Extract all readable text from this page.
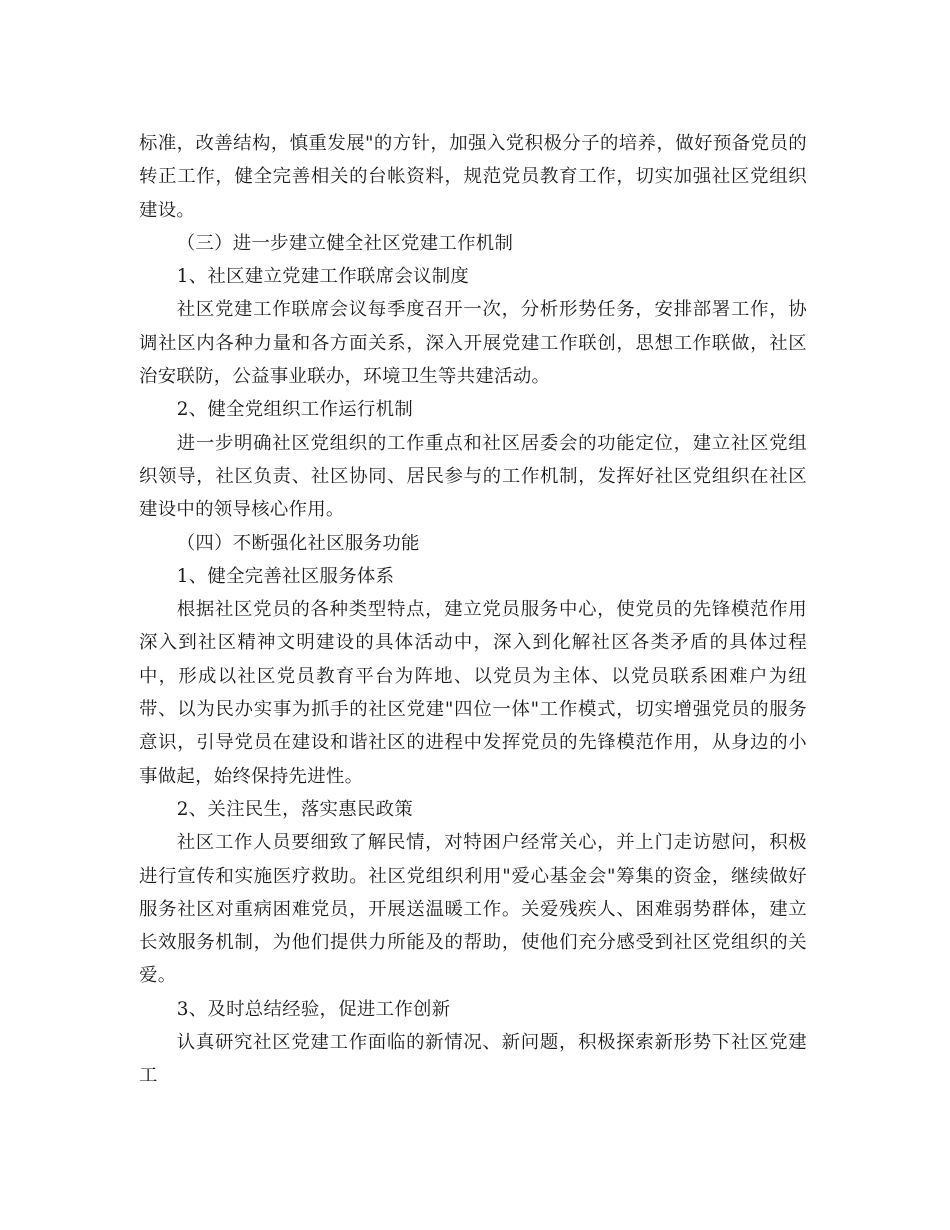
标准，改善结构，慎重发展"的方针，加强入党积极分子的培养，做好预备党员的转正工作，健全完善相关的台帐资料，规范党员教育工作，切实加强社区党组织建设。

（三）进一步建立健全社区党建工作机制

1、社区建立党建工作联席会议制度

社区党建工作联席会议每季度召开一次，分析形势任务，安排部署工作，协调社区内各种力量和各方面关系，深入开展党建工作联创，思想工作联做，社区治安联防，公益事业联办，环境卫生等共建活动。

2、健全党组织工作运行机制

进一步明确社区党组织的工作重点和社区居委会的功能定位，建立社区党组织领导，社区负责、社区协同、居民参与的工作机制，发挥好社区党组织在社区建设中的领导核心作用。

（四）不断强化社区服务功能

1、健全完善社区服务体系

根据社区党员的各种类型特点，建立党员服务中心，使党员的先锋模范作用深入到社区精神文明建设的具体活动中，深入到化解社区各类矛盾的具体过程中，形成以社区党员教育平台为阵地、以党员为主体、以党员联系困难户为纽带、以为民办实事为抓手的社区党建"四位一体"工作模式，切实增强党员的服务意识，引导党员在建设和谐社区的进程中发挥党员的先锋模范作用，从身边的小事做起，始终保持先进性。

2、关注民生，落实惠民政策

社区工作人员要细致了解民情，对特困户经常关心，并上门走访慰问，积极进行宣传和实施医疗救助。社区党组织利用"爱心基金会"筹集的资金，继续做好服务社区对重病困难党员，开展送温暖工作。关爱残疾人、困难弱势群体，建立长效服务机制，为他们提供力所能及的帮助，使他们充分感受到社区党组织的关爱。

3、及时总结经验，促进工作创新

认真研究社区党建工作面临的新情况、新问题，积极探索新形势下社区党建工
